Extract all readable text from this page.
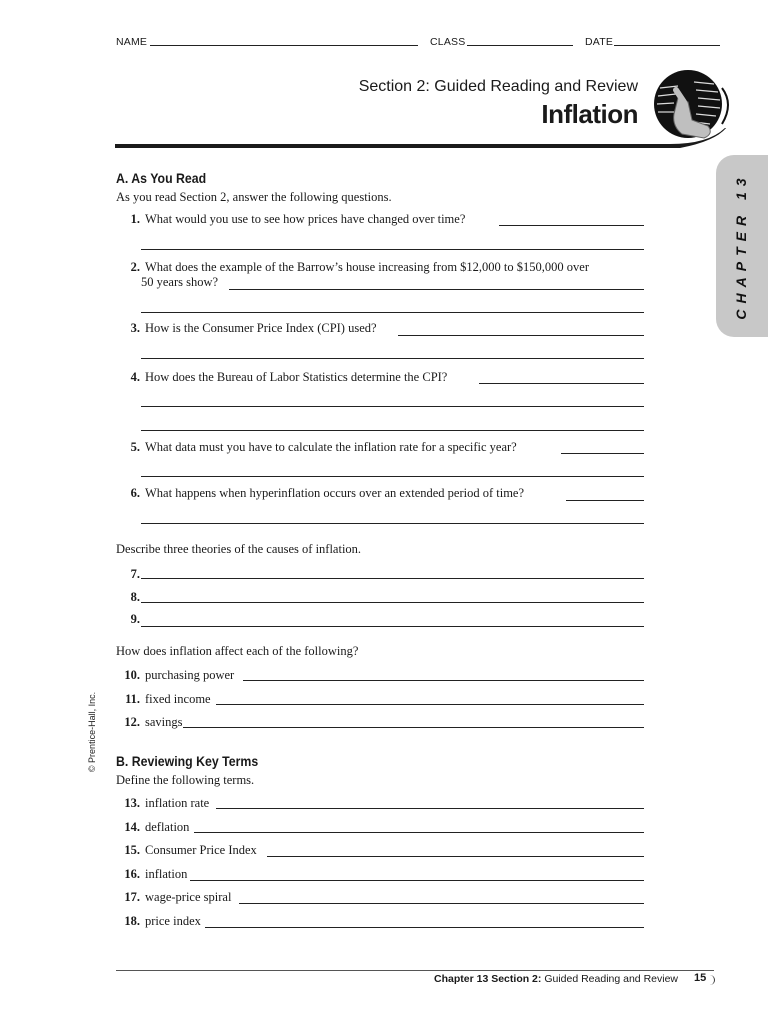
NAME	CLASS	DATE
Section 2: Guided Reading and Review
Inflation
CHAPTER 13
© Prentice-Hall, Inc.
A. As You Read
As you read Section 2, answer the following questions.
1. What would you use to see how prices have changed over time?
2. What does the example of the Barrow’s house increasing from $12,000 to $150,000 over
50 years show?
3. How is the Consumer Price Index (CPI) used?
4. How does the Bureau of Labor Statistics determine the CPI?
5. What data must you have to calculate the inflation rate for a specific year?
6. What happens when hyperinflation occurs over an extended period of time?
Describe three theories of the causes of inflation.
7.
8.
9.
How does inflation affect each of the following?
10. purchasing power
11. fixed income
12. savings
B. Reviewing Key Terms
Define the following terms.
13. inflation rate
14. deflation
15. Consumer Price Index
16. inflation
17. wage-price spiral
18. price index
Chapter 13 Section 2: Guided Reading and Review 15
